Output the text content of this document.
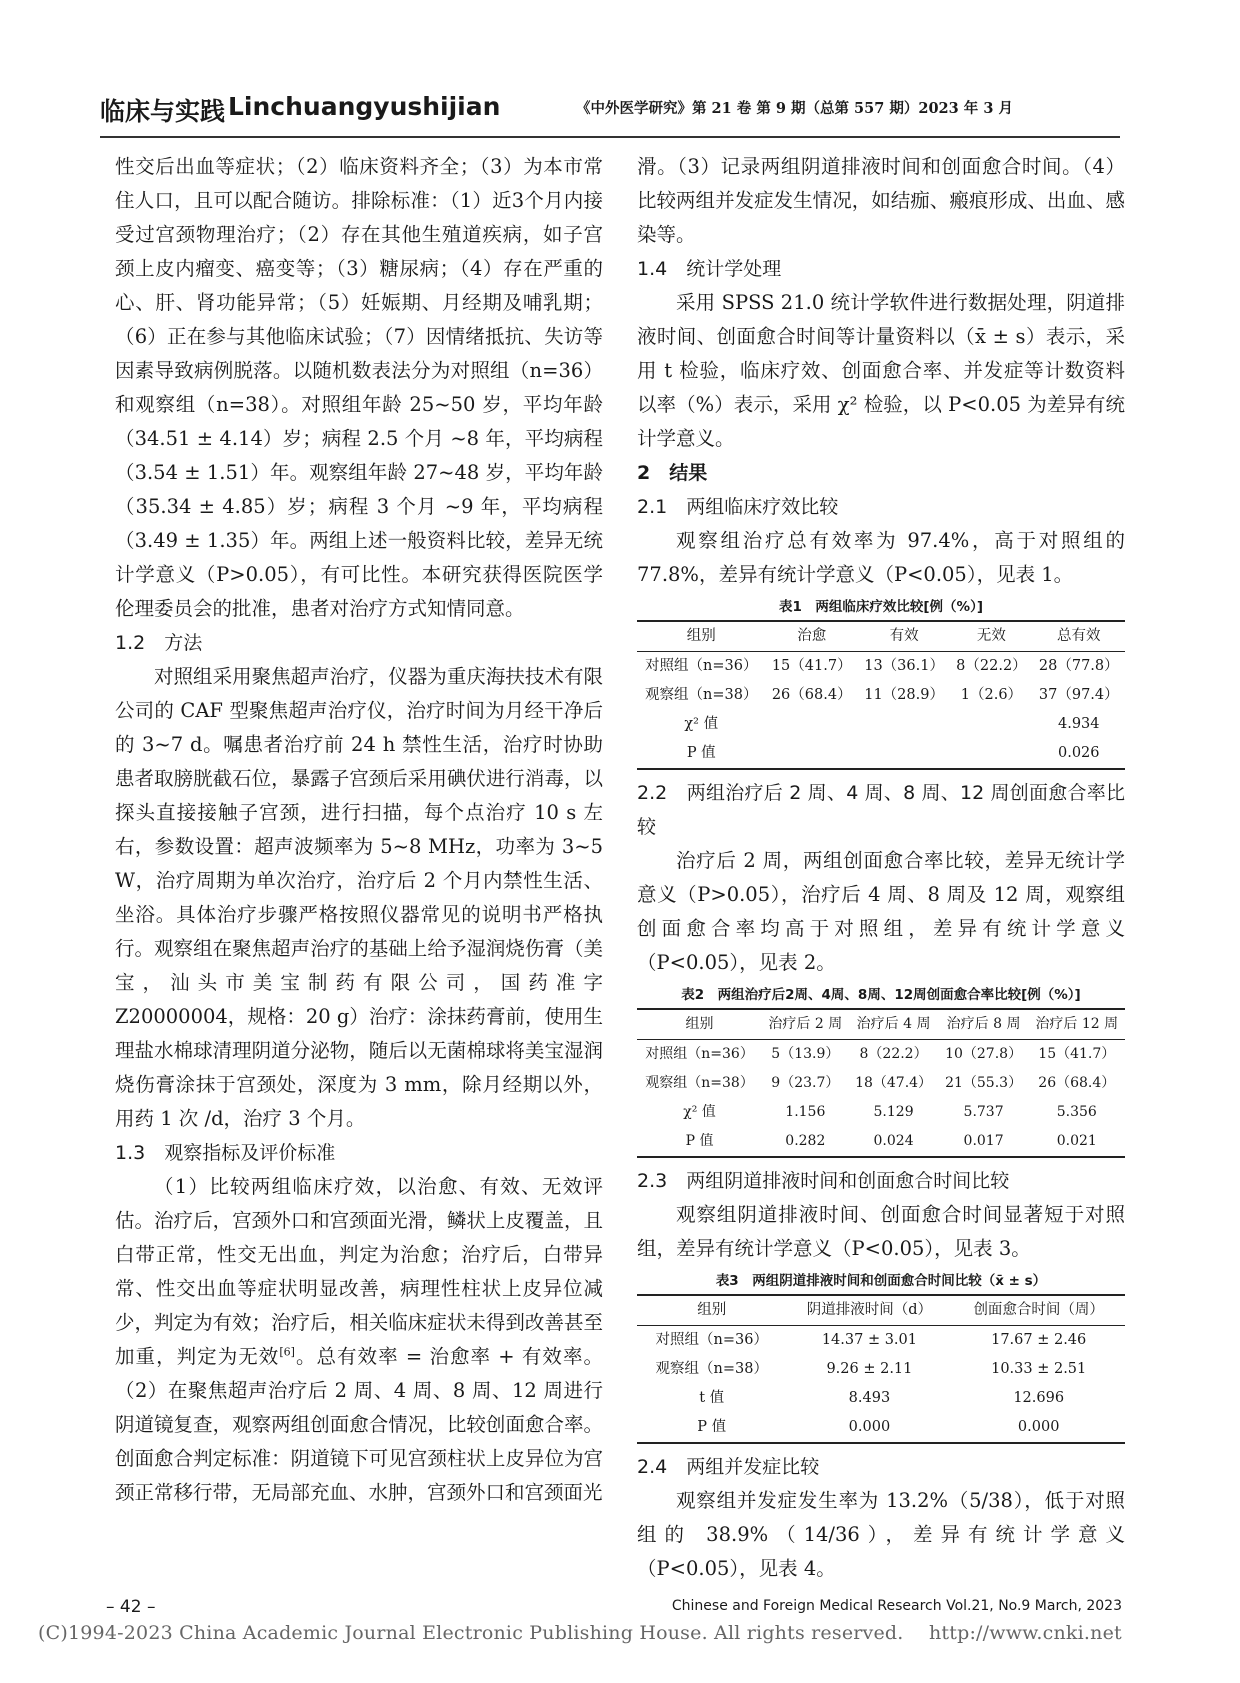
临床与实践 Linchuangyushijian	《中外医学研究》第 21 卷 第 9 期（总第 557 期）2023 年 3 月

性交后出血等症状；（2）临床资料齐全；（3）为本市常住人口，且可以配合随访。排除标准：（1）近3个月内接受过宫颈物理治疗；（2）存在其他生殖道疾病，如子宫颈上皮内瘤变、癌变等；（3）糖尿病；（4）存在严重的心、肝、肾功能异常；（5）妊娠期、月经期及哺乳期；（6）正在参与其他临床试验；（7）因情绪抵抗、失访等因素导致病例脱落。以随机数表法分为对照组（n=36）和观察组（n=38）。对照组年龄 25~50 岁，平均年龄（34.51 ± 4.14）岁；病程 2.5 个月 ~8 年，平均病程（3.54 ± 1.51）年。观察组年龄 27~48 岁，平均年龄（35.34 ± 4.85）岁；病程 3 个月 ~9 年，平均病程（3.49 ± 1.35）年。两组上述一般资料比较，差异无统计学意义（P>0.05），有可比性。本研究获得医院医学伦理委员会的批准，患者对治疗方式知情同意。

1.2　方法

对照组采用聚焦超声治疗，仪器为重庆海扶技术有限公司的 CAF 型聚焦超声治疗仪，治疗时间为月经干净后的 3~7 d。嘱患者治疗前 24 h 禁性生活，治疗时协助患者取膀胱截石位，暴露子宫颈后采用碘伏进行消毒，以探头直接接触子宫颈，进行扫描，每个点治疗 10 s 左右，参数设置：超声波频率为 5~8 MHz，功率为 3~5 W，治疗周期为单次治疗，治疗后 2 个月内禁性生活、坐浴。具体治疗步骤严格按照仪器常见的说明书严格执行。观察组在聚焦超声治疗的基础上给予湿润烧伤膏（美宝，汕头市美宝制药有限公司，国药准字 Z20000004，规格：20 g）治疗：涂抹药膏前，使用生理盐水棉球清理阴道分泌物，随后以无菌棉球将美宝湿润烧伤膏涂抹于宫颈处，深度为 3 mm，除月经期以外，用药 1 次 /d，治疗 3 个月。

1.3　观察指标及评价标准

（1）比较两组临床疗效，以治愈、有效、无效评估。治疗后，宫颈外口和宫颈面光滑，鳞状上皮覆盖，且白带正常，性交无出血，判定为治愈；治疗后，白带异常、性交出血等症状明显改善，病理性柱状上皮异位减少，判定为有效；治疗后，相关临床症状未得到改善甚至加重，判定为无效[6]。总有效率 = 治愈率 + 有效率。（2）在聚焦超声治疗后 2 周、4 周、8 周、12 周进行阴道镜复查，观察两组创面愈合情况，比较创面愈合率。创面愈合判定标准：阴道镜下可见宫颈柱状上皮异位为宫颈正常移行带，无局部充血、水肿，宫颈外口和宫颈面光

滑。（3）记录两组阴道排液时间和创面愈合时间。（4）比较两组并发症发生情况，如结痂、瘢痕形成、出血、感染等。

1.4　统计学处理

采用 SPSS 21.0 统计学软件进行数据处理，阴道排液时间、创面愈合时间等计量资料以（x̄ ± s）表示，采用 t 检验，临床疗效、创面愈合率、并发症等计数资料以率（%）表示，采用 χ² 检验，以 P<0.05 为差异有统计学意义。

2　结果

2.1　两组临床疗效比较

观察组治疗总有效率为 97.4%，高于对照组的 77.8%，差异有统计学意义（P<0.05），见表 1。

表1　两组临床疗效比较[例（%）]
组别	治愈	有效	无效	总有效
对照组（n=36）	15（41.7）	13（36.1）	8（22.2）	28（77.8）
观察组（n=38）	26（68.4）	11（28.9）	1（2.6）	37（97.4）
χ² 值				4.934
P 值				0.026

2.2　两组治疗后 2 周、4 周、8 周、12 周创面愈合率比较

治疗后 2 周，两组创面愈合率比较，差异无统计学意义（P>0.05），治疗后 4 周、8 周及 12 周，观察组创面愈合率均高于对照组，差异有统计学意义（P<0.05），见表 2。

表2　两组治疗后2周、4周、8周、12周创面愈合率比较[例（%）]
组别	治疗后 2 周	治疗后 4 周	治疗后 8 周	治疗后 12 周
对照组（n=36）	5（13.9）	8（22.2）	10（27.8）	15（41.7）
观察组（n=38）	9（23.7）	18（47.4）	21（55.3）	26（68.4）
χ² 值	1.156	5.129	5.737	5.356
P 值	0.282	0.024	0.017	0.021

2.3　两组阴道排液时间和创面愈合时间比较

观察组阴道排液时间、创面愈合时间显著短于对照组，差异有统计学意义（P<0.05），见表 3。

表3　两组阴道排液时间和创面愈合时间比较（x̄ ± s）
组别	阴道排液时间（d）	创面愈合时间（周）
对照组（n=36）	14.37 ± 3.01	17.67 ± 2.46
观察组（n=38）	9.26 ± 2.11	10.33 ± 2.51
t 值	8.493	12.696
P 值	0.000	0.000

2.4　两组并发症比较

观察组并发症发生率为 13.2%（5/38），低于对照组的 38.9%（14/36），差异有统计学意义（P<0.05），见表 4。

– 42 –	Chinese and Foreign Medical Research Vol.21, No.9 March, 2023
(C)1994-2023 China Academic Journal Electronic Publishing House. All rights reserved.　 http://www.cnki.net
